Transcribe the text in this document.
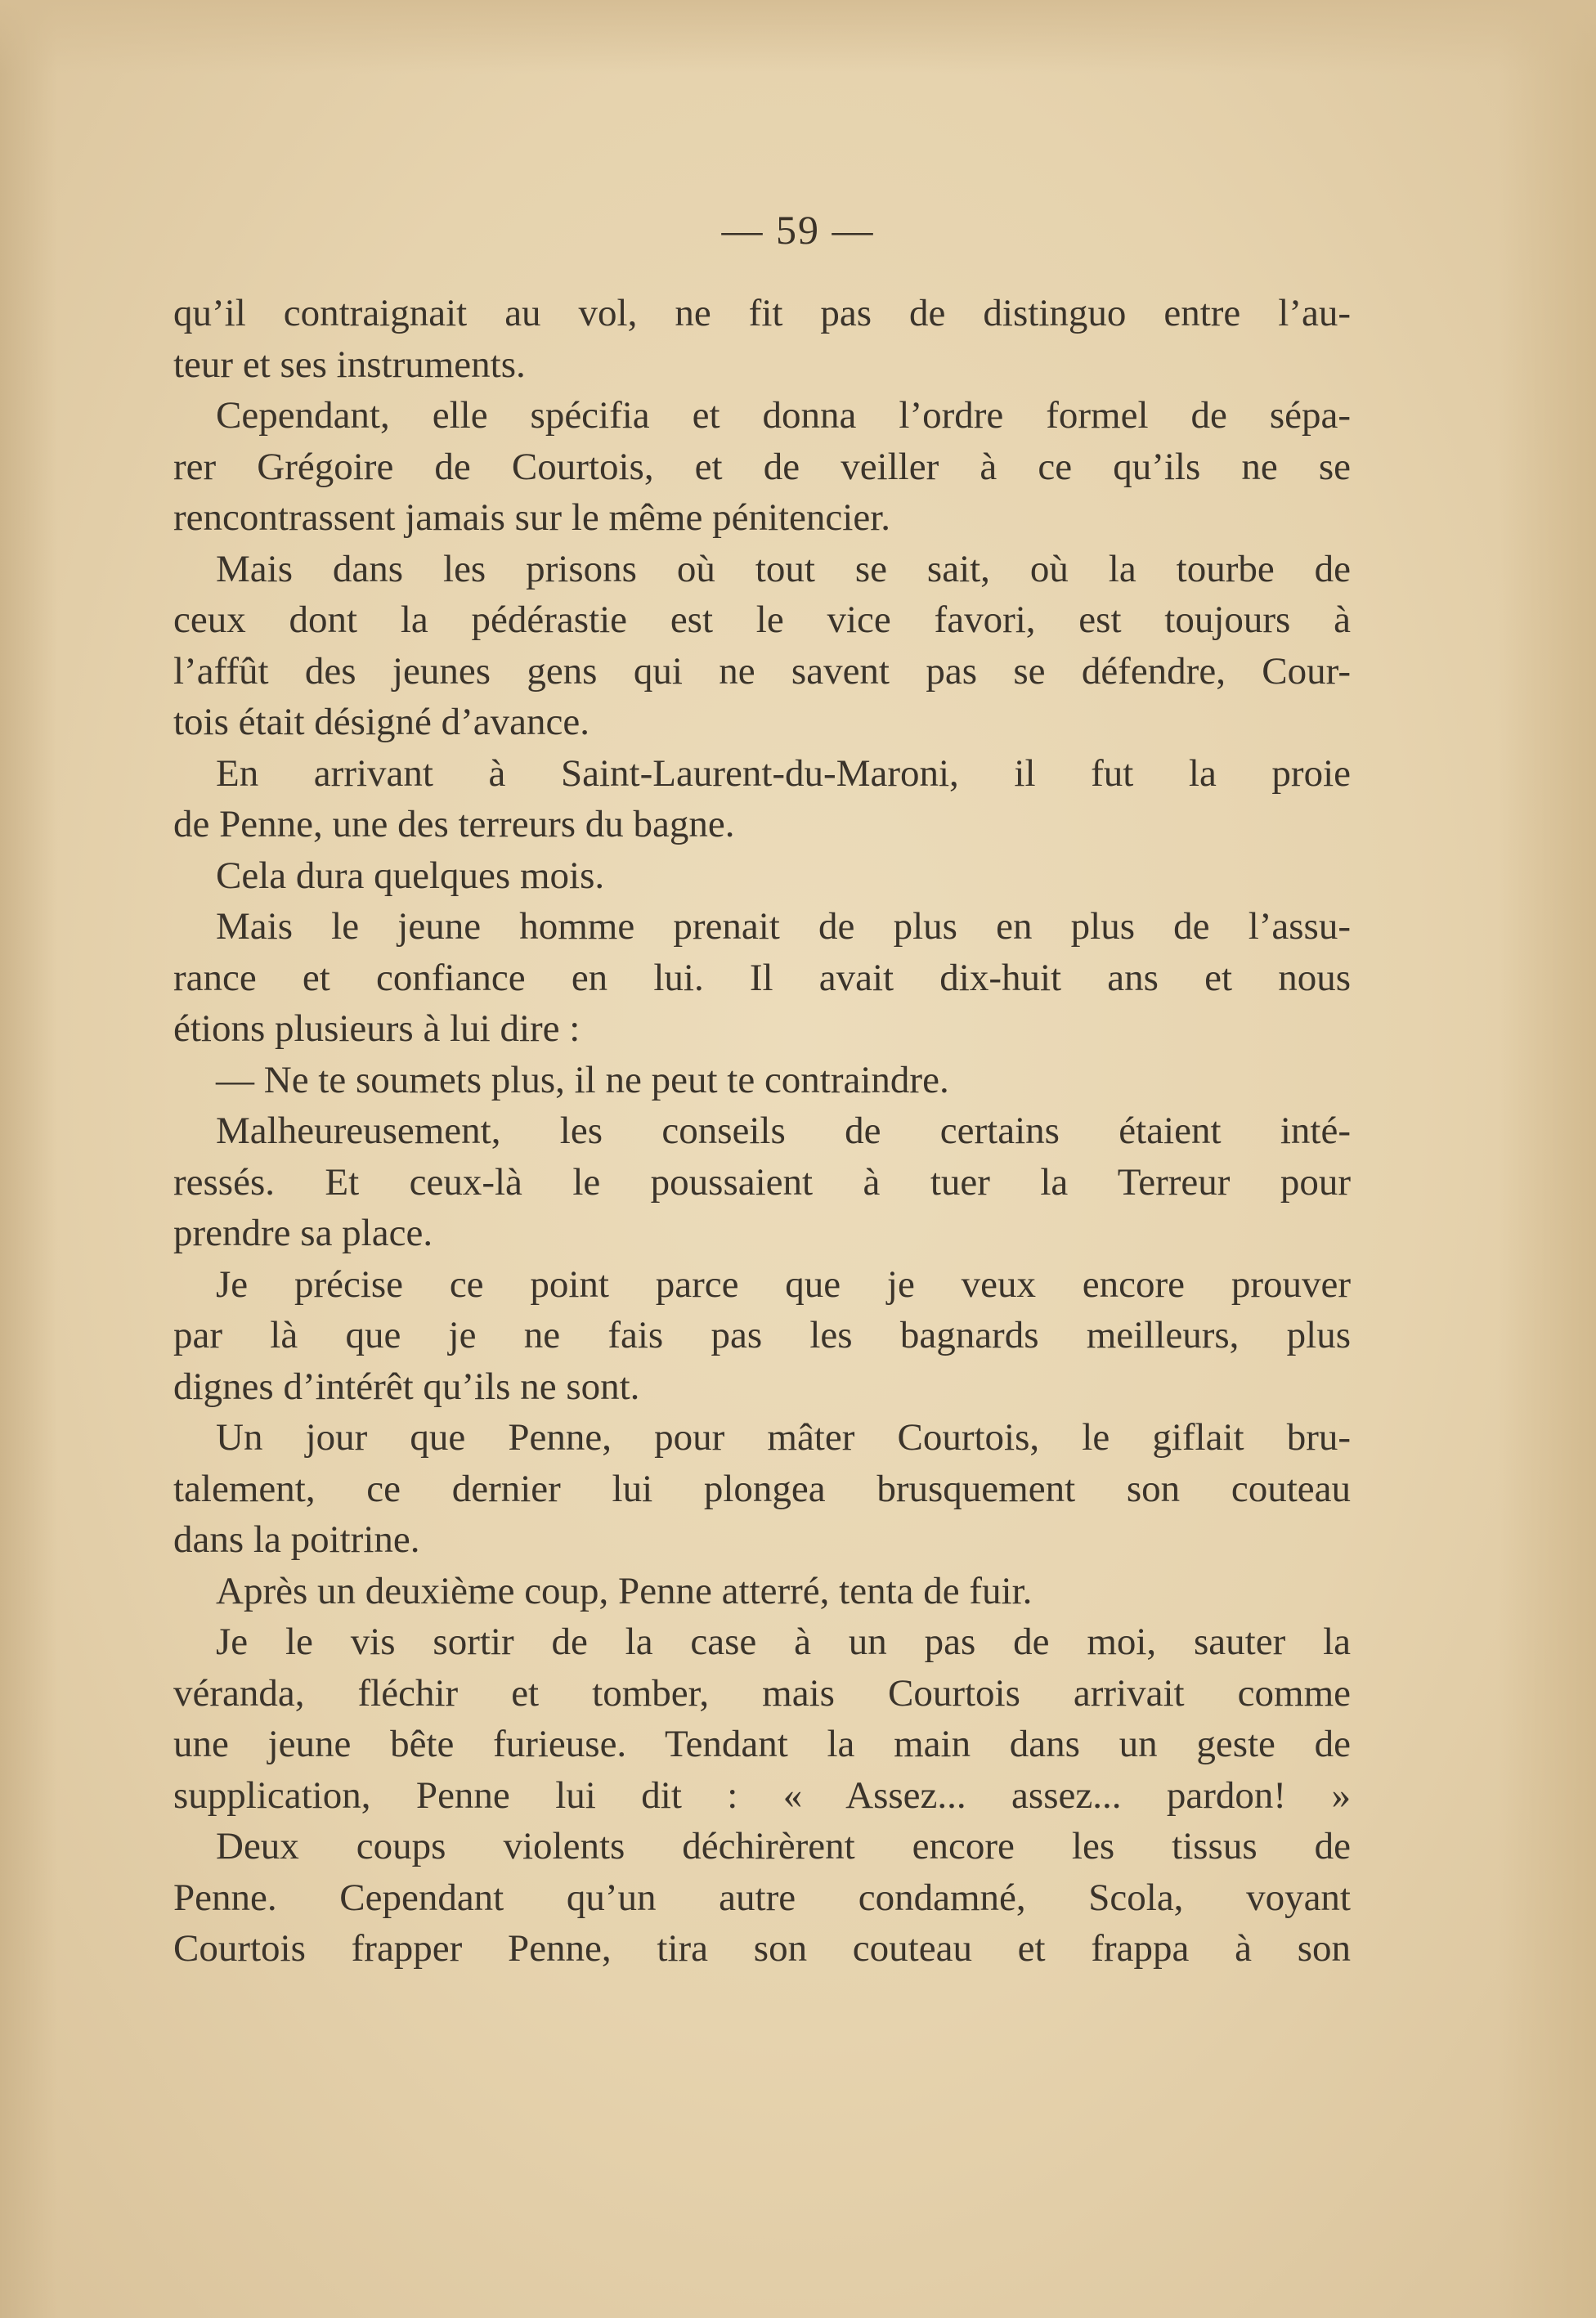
— 59 —
qu’il contraignait au vol, ne fit pas de distinguo entre l’au-
teur et ses instruments.
Cependant, elle spécifia et donna l’ordre formel de sépa-
rer Grégoire de Courtois, et de veiller à ce qu’ils ne se
rencontrassent jamais sur le même pénitencier.
Mais dans les prisons où tout se sait, où la tourbe de
ceux dont la pédérastie est le vice favori, est toujours à
l’affût des jeunes gens qui ne savent pas se défendre, Cour-
tois était désigné d’avance.
En arrivant à Saint-Laurent-du-Maroni, il fut la proie
de Penne, une des terreurs du bagne.
Cela dura quelques mois.
Mais le jeune homme prenait de plus en plus de l’assu-
rance et confiance en lui. Il avait dix-huit ans et nous
étions plusieurs à lui dire :
— Ne te soumets plus, il ne peut te contraindre.
Malheureusement, les conseils de certains étaient inté-
ressés. Et ceux-là le poussaient à tuer la Terreur pour
prendre sa place.
Je précise ce point parce que je veux encore prouver
par là que je ne fais pas les bagnards meilleurs, plus
dignes d’intérêt qu’ils ne sont.
Un jour que Penne, pour mâter Courtois, le giflait bru-
talement, ce dernier lui plongea brusquement son couteau
dans la poitrine.
Après un deuxième coup, Penne atterré, tenta de fuir.
Je le vis sortir de la case à un pas de moi, sauter la
véranda, fléchir et tomber, mais Courtois arrivait comme
une jeune bête furieuse. Tendant la main dans un geste de
supplication, Penne lui dit : « Assez... assez... pardon! »
Deux coups violents déchirèrent encore les tissus de
Penne. Cependant qu’un autre condamné, Scola, voyant
Courtois frapper Penne, tira son couteau et frappa à son
